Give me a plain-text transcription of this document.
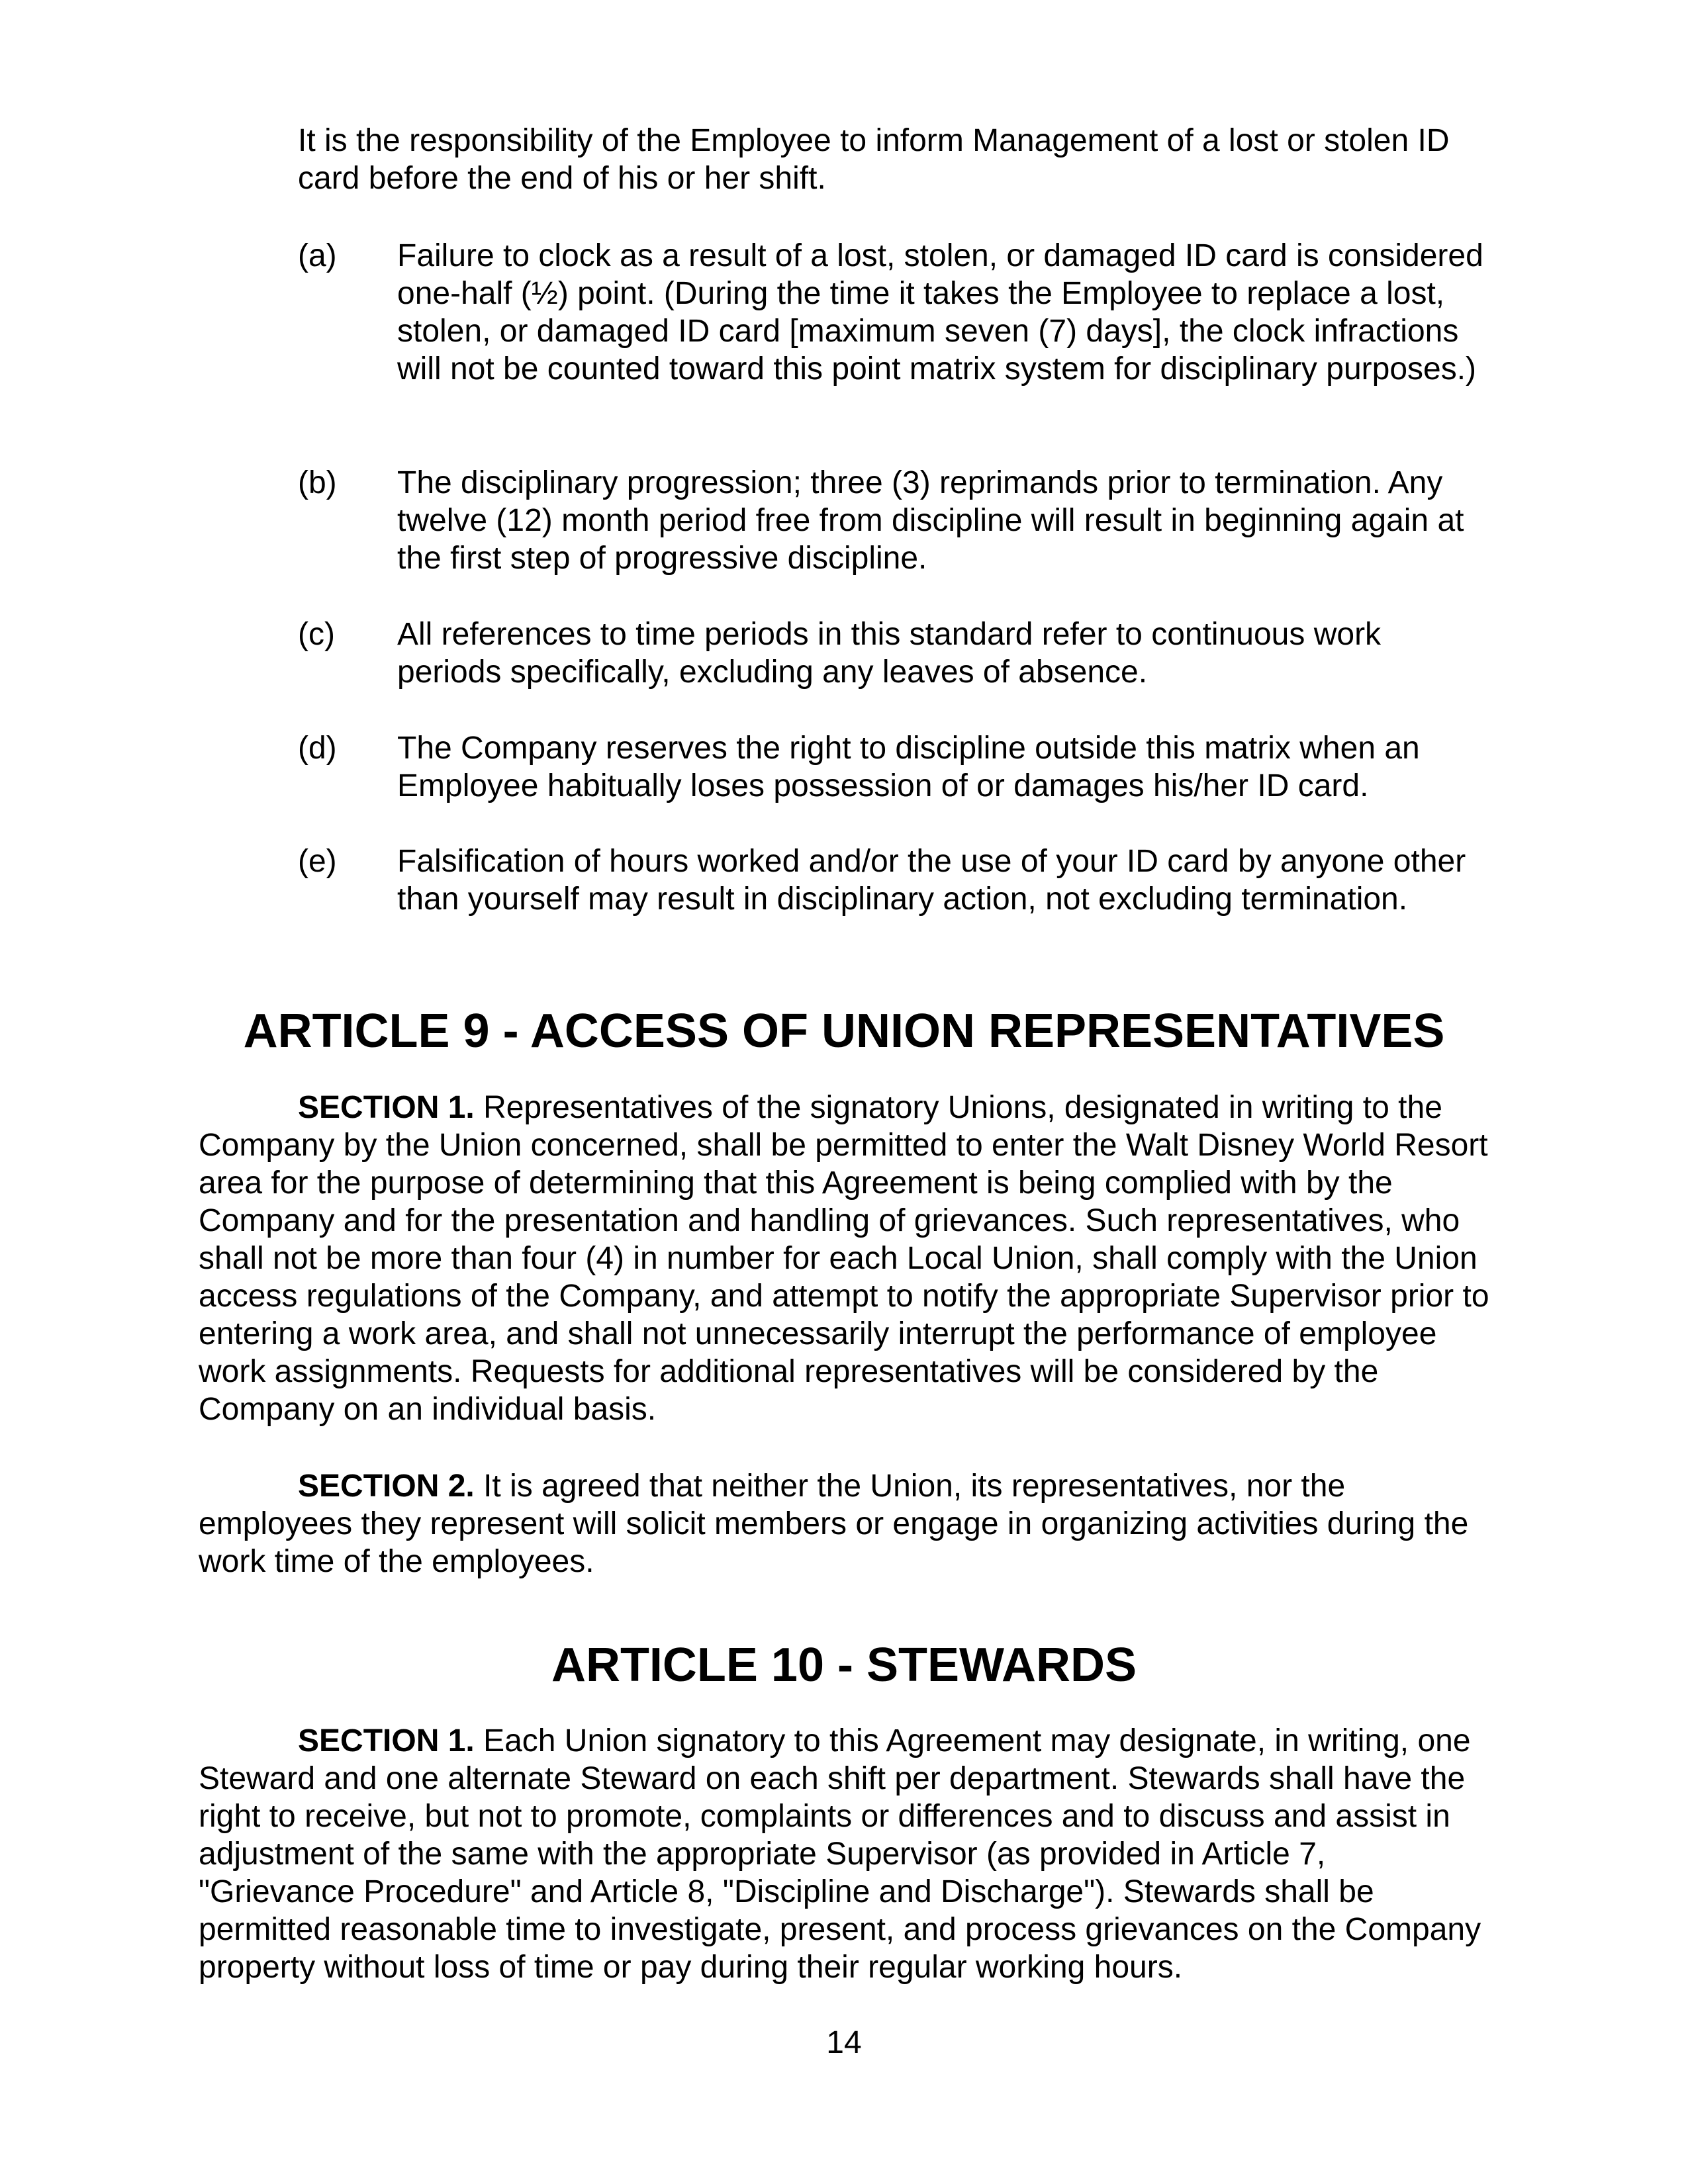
It is the responsibility of the Employee to inform Management of a lost or stolen ID card before the end of his or her shift.

(a)	Failure to clock as a result of a lost, stolen, or damaged ID card is considered one-half (½) point. (During the time it takes the Employee to replace a lost, stolen, or damaged ID card [maximum seven (7) days], the clock infractions will not be counted toward this point matrix system for disciplinary purposes.)
(b)	The disciplinary progression; three (3) reprimands prior to termination. Any twelve (12) month period free from discipline will result in beginning again at the first step of progressive discipline.
(c)	All references to time periods in this standard refer to continuous work periods specifically, excluding any leaves of absence.
(d)	The Company reserves the right to discipline outside this matrix when an Employee habitually loses possession of or damages his/her ID card.
(e)	Falsification of hours worked and/or the use of your ID card by anyone other than yourself may result in disciplinary action, not excluding termination.
ARTICLE 9 - ACCESS OF UNION REPRESENTATIVES

SECTION 1. Representatives of the signatory Unions, designated in writing to the Company by the Union concerned, shall be permitted to enter the Walt Disney World Resort area for the purpose of determining that this Agreement is being complied with by the Company and for the presentation and handling of grievances. Such representatives, who shall not be more than four (4) in number for each Local Union, shall comply with the Union access regulations of the Company, and attempt to notify the appropriate Supervisor prior to entering a work area, and shall not unnecessarily interrupt the performance of employee work assignments. Requests for additional representatives will be considered by the Company on an individual basis.

SECTION 2. It is agreed that neither the Union, its representatives, nor the employees they represent will solicit members or engage in organizing activities during the work time of the employees.

ARTICLE 10 - STEWARDS

SECTION 1. Each Union signatory to this Agreement may designate, in writing, one Steward and one alternate Steward on each shift per department. Stewards shall have the right to receive, but not to promote, complaints or differences and to discuss and assist in adjustment of the same with the appropriate Supervisor (as provided in Article 7, "Grievance Procedure" and Article 8, "Discipline and Discharge"). Stewards shall be permitted reasonable time to investigate, present, and process grievances on the Company property without loss of time or pay during their regular working hours.

14
